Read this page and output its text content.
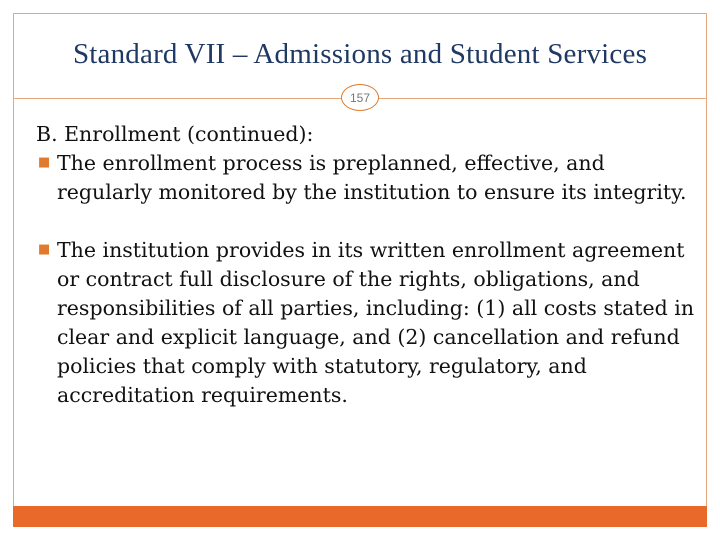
Standard VII – Admissions and Student Services
157

B. Enrollment (continued):

■ The enrollment process is preplanned, effective, and regularly monitored by the institution to ensure its integrity.
■ The institution provides in its written enrollment agreement or contract full disclosure of the rights, obligations, and responsibilities of all parties, including: (1) all costs stated in clear and explicit language, and (2) cancellation and refund policies that comply with statutory, regulatory, and accreditation requirements.
